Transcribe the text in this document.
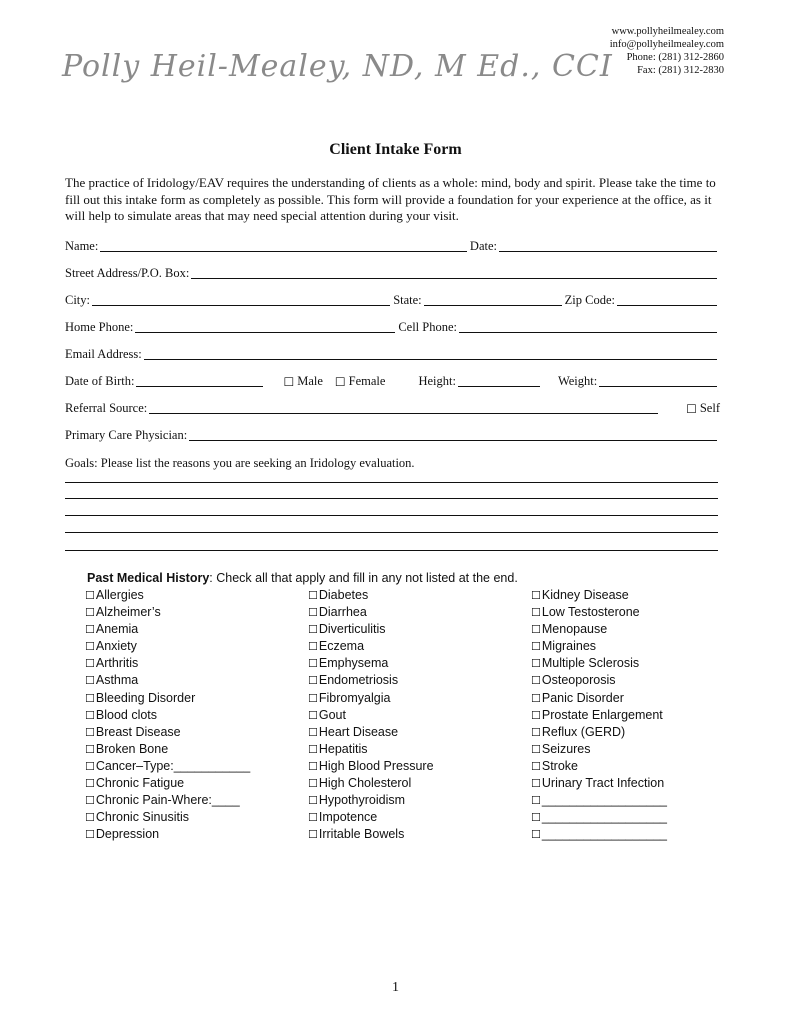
Polly Heil-Mealey, ND, M Ed., CCI
www.pollyheilmealey.com
info@pollyheilmealey.com
Phone: (281) 312-2860
Fax: (281) 312-2830
Client Intake Form
The practice of Iridology/EAV requires the understanding of clients as a whole: mind, body and spirit. Please take the time to fill out this intake form as completely as possible. This form will provide a foundation for your experience at the office, as it will help to simulate areas that may need special attention during your visit.
Name:	Date:
Street Address/P.O. Box:
City:	State:	Zip Code:
Home Phone:	Cell Phone:
Email Address:
Date of Birth:	☐ Male ☐ Female	Height:	Weight:
Referral Source:	☐ Self
Primary Care Physician:
Goals: Please list the reasons you are seeking an Iridology evaluation.
Past Medical History: Check all that apply and fill in any not listed at the end.
☐Allergies
☐Alzheimer’s
☐Anemia
☐Anxiety
☐Arthritis
☐Asthma
☐Bleeding Disorder
☐Blood clots
☐Breast Disease
☐Broken Bone
☐Cancer–Type:___________
☐Chronic Fatigue
☐Chronic Pain-Where:____
☐Chronic Sinusitis
☐Depression
☐Diabetes
☐Diarrhea
☐Diverticulitis
☐Eczema
☐Emphysema
☐Endometriosis
☐Fibromyalgia
☐Gout
☐Heart Disease
☐Hepatitis
☐High Blood Pressure
☐High Cholesterol
☐Hypothyroidism
☐Impotence
☐Irritable Bowels
☐Kidney Disease
☐Low Testosterone
☐Menopause
☐Migraines
☐Multiple Sclerosis
☐Osteoporosis
☐Panic Disorder
☐Prostate Enlargement
☐Reflux (GERD)
☐Seizures
☐Stroke
☐Urinary Tract Infection
☐__________________
☐__________________
☐__________________
1
